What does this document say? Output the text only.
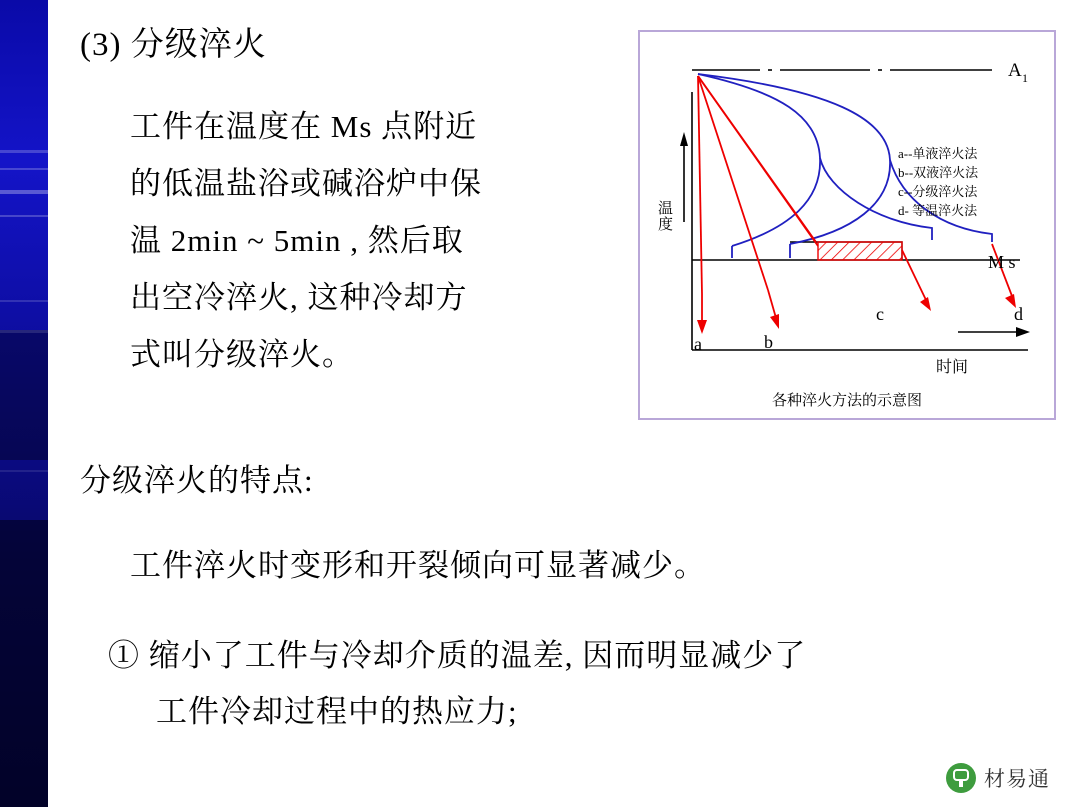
(3) 分级淬火
工件在温度在 Ms 点附近
的低温盐浴或碱浴炉中保
温 2min ~ 5min , 然后取
出空冷淬火, 这种冷却方
式叫分级淬火。
分级淬火的特点:
工件淬火时变形和开裂倾向可显著减少。
① 缩小了工件与冷却介质的温差, 因而明显减少了
工件冷却过程中的热应力;
A 1
M s
a	b
c	d
时间
温度
a--单液淬火法
b--双液淬火法
c--分级淬火法
d- 等温淬火法
各种淬火方法的示意图
材易通
